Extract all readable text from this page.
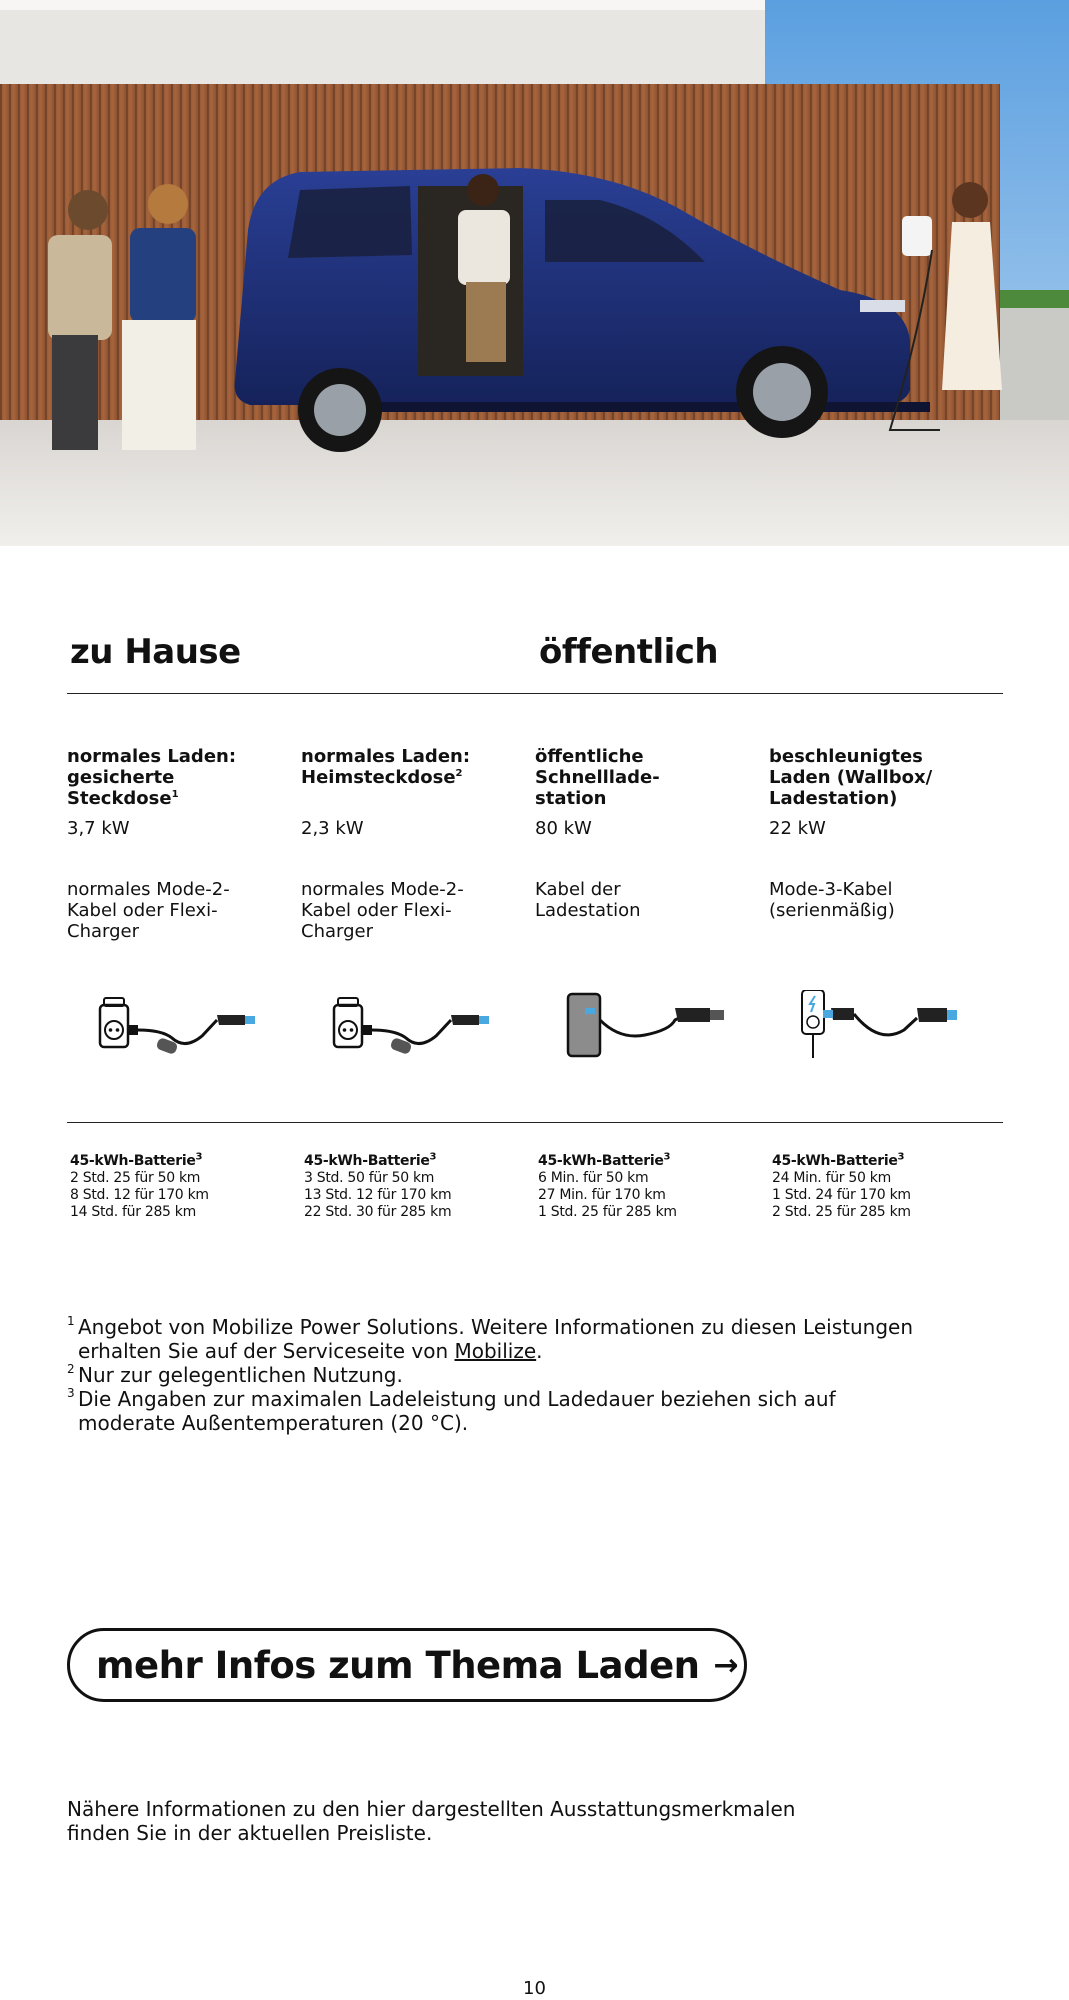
zu Hause	öffentlich
normales Laden:
gesicherte
Steckdose$^1$
3,7 kW
normales Mode-2-
Kabel oder Flexi-
Charger
normales Laden:
Heimsteckdose$^2$
2,3 kW
normales Mode-2-
Kabel oder Flexi-
Charger
öffentliche
Schnelllade-
station
80 kW
Kabel der
Ladestation
beschleunigtes
Laden (Wallbox/
Ladestation)
22 kW
Mode-3-Kabel
(serienmäßig)
45-kWh-Batterie$^3$
2 Std. 25 für 50 km
8 Std. 12 für 170 km
14 Std. für 285 km
45-kWh-Batterie$^3$
3 Std. 50 für 50 km
13 Std. 12 für 170 km
22 Std. 30 für 285 km
45-kWh-Batterie$^3$
6 Min. für 50 km
27 Min. für 170 km
1 Std. 25 für 285 km
45-kWh-Batterie$^3$
24 Min. für 50 km
1 Std. 24 für 170 km
2 Std. 25 für 285 km
1 Angebot von Mobilize Power Solutions. Weitere Informationen zu diesen Leistungen
erhalten Sie auf der Serviceseite von Mobilize.
2 Nur zur gelegentlichen Nutzung.
3 Die Angaben zur maximalen Ladeleistung und Ladedauer beziehen sich auf
moderate Außentemperaturen (20 °C).
mehr Infos zum Thema Laden →
Nähere Informationen zu den hier dargestellten Ausstattungsmerkmalen
finden Sie in der aktuellen Preisliste.
10
